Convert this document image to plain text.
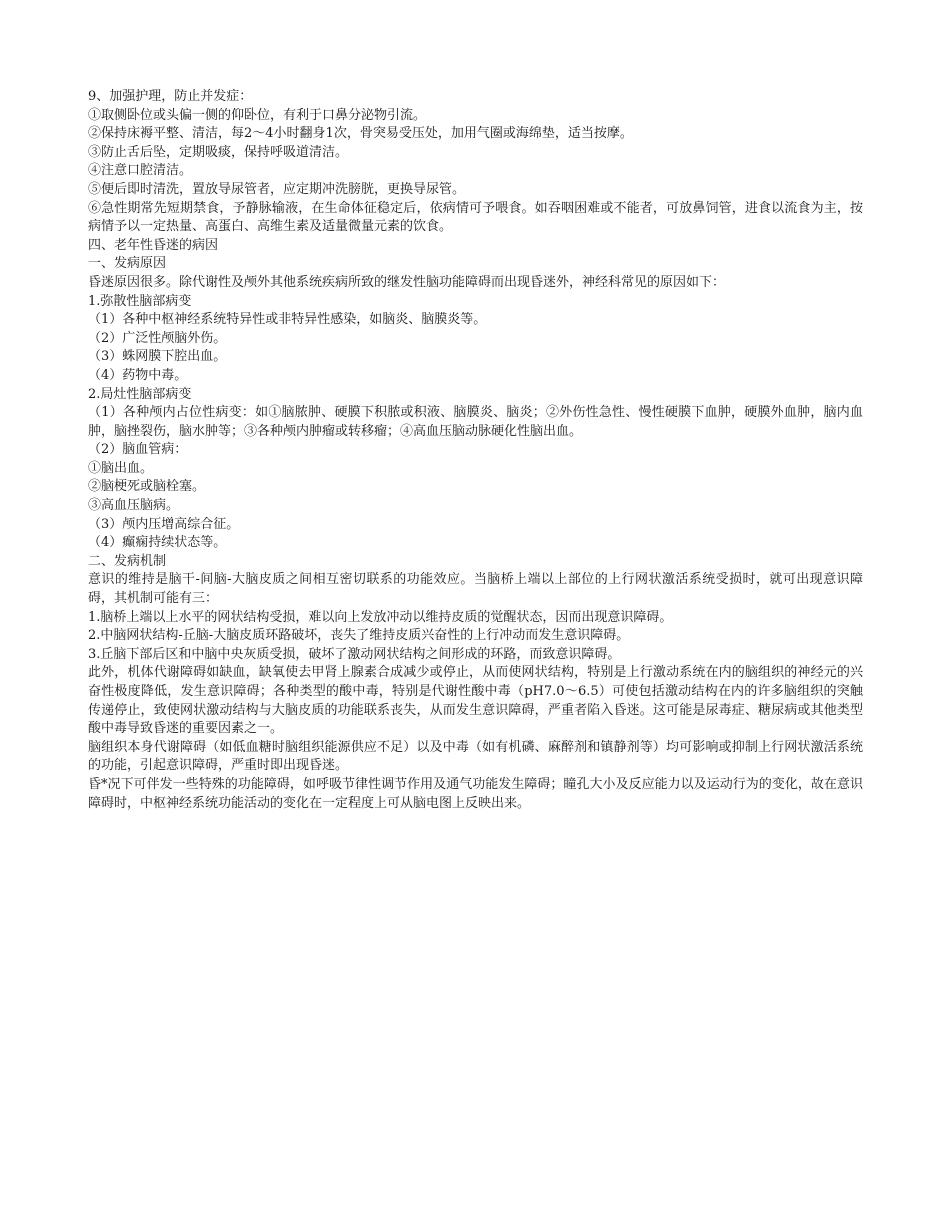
9、加强护理，防止并发症：
①取侧卧位或头偏一侧的仰卧位，有利于口鼻分泌物引流。
②保持床褥平整、清洁，每2～4小时翻身1次，骨突易受压处，加用气圈或海绵垫，适当按摩。
③防止舌后坠，定期吸痰，保持呼吸道清洁。
④注意口腔清洁。
⑤便后即时清洗，置放导尿管者，应定期冲洗膀胱，更换导尿管。
⑥急性期常先短期禁食，予静脉输液，在生命体征稳定后，依病情可予喂食。如吞咽困难或不能者，可放鼻饲管，进食以流食为主，按病情予以一定热量、高蛋白、高维生素及适量微量元素的饮食。
四、老年性昏迷的病因
一、发病原因
昏迷原因很多。除代谢性及颅外其他系统疾病所致的继发性脑功能障碍而出现昏迷外，神经科常见的原因如下：
1.弥散性脑部病变
（1）各种中枢神经系统特异性或非特异性感染，如脑炎、脑膜炎等。
（2）广泛性颅脑外伤。
（3）蛛网膜下腔出血。
（4）药物中毒。
2.局灶性脑部病变
（1）各种颅内占位性病变：如①脑脓肿、硬膜下积脓或积液、脑膜炎、脑炎；②外伤性急性、慢性硬膜下血肿，硬膜外血肿，脑内血肿，脑挫裂伤，脑水肿等；③各种颅内肿瘤或转移瘤；④高血压脑动脉硬化性脑出血。
（2）脑血管病：
①脑出血。
②脑梗死或脑栓塞。
③高血压脑病。
（3）颅内压增高综合征。
（4）癫痫持续状态等。
二、发病机制
意识的维持是脑干-间脑-大脑皮质之间相互密切联系的功能效应。当脑桥上端以上部位的上行网状激活系统受损时，就可出现意识障碍，其机制可能有三：
1.脑桥上端以上水平的网状结构受损，难以向上发放冲动以维持皮质的觉醒状态，因而出现意识障碍。
2.中脑网状结构-丘脑-大脑皮质环路破坏，丧失了维持皮质兴奋性的上行冲动而发生意识障碍。
3.丘脑下部后区和中脑中央灰质受损，破坏了激动网状结构之间形成的环路，而致意识障碍。
此外，机体代谢障碍如缺血，缺氧使去甲肾上腺素合成减少或停止，从而使网状结构，特别是上行激动系统在内的脑组织的神经元的兴奋性极度降低，发生意识障碍；各种类型的酸中毒，特别是代谢性酸中毒（pH7.0～6.5）可使包括激动结构在内的许多脑组织的突触传递停止，致使网状激动结构与大脑皮质的功能联系丧失，从而发生意识障碍，严重者陷入昏迷。这可能是尿毒症、糖尿病或其他类型酸中毒导致昏迷的重要因素之一。
脑组织本身代谢障碍（如低血糖时脑组织能源供应不足）以及中毒（如有机磷、麻醉剂和镇静剂等）均可影响或抑制上行网状激活系统的功能，引起意识障碍，严重时即出现昏迷。
昏*况下可伴发一些特殊的功能障碍，如呼吸节律性调节作用及通气功能发生障碍；瞳孔大小及反应能力以及运动行为的变化，故在意识障碍时，中枢神经系统功能活动的变化在一定程度上可从脑电图上反映出来。
